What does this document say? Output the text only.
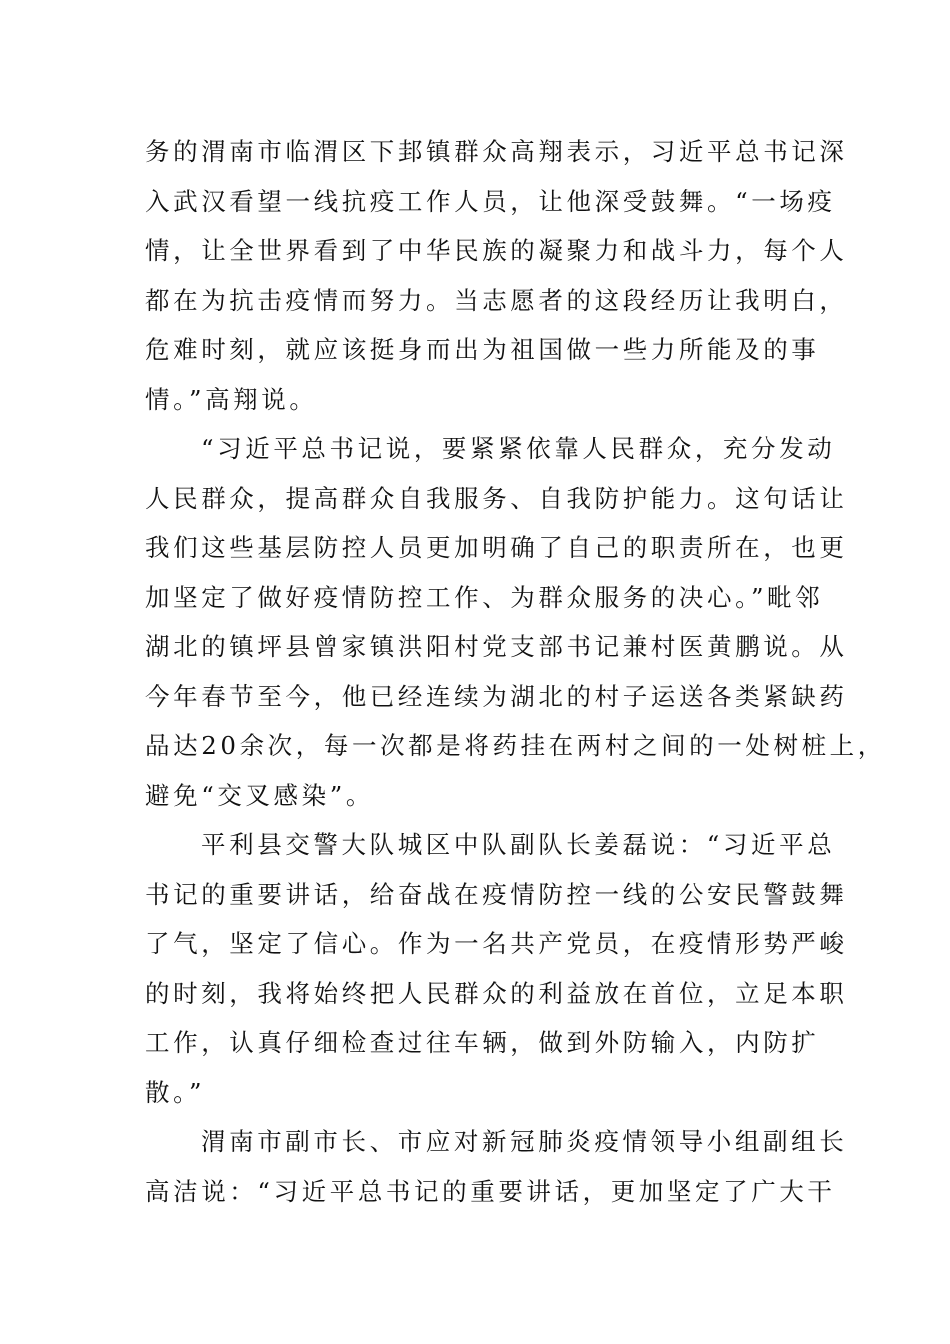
务的渭南市临渭区下邽镇群众高翔表示，习近平总书记深
入武汉看望一线抗疫工作人员，让他深受鼓舞。“一场疫
情，让全世界看到了中华民族的凝聚力和战斗力，每个人
都在为抗击疫情而努力。当志愿者的这段经历让我明白，
危难时刻，就应该挺身而出为祖国做一些力所能及的事
情。”高翔说。
“习近平总书记说，要紧紧依靠人民群众，充分发动
人民群众，提高群众自我服务、自我防护能力。这句话让
我们这些基层防控人员更加明确了自己的职责所在，也更
加坚定了做好疫情防控工作、为群众服务的决心。”毗邻
湖北的镇坪县曾家镇洪阳村党支部书记兼村医黄鹏说。从
今年春节至今，他已经连续为湖北的村子运送各类紧缺药
品达20余次，每一次都是将药挂在两村之间的一处树桩上，
避免“交叉感染”。
平利县交警大队城区中队副队长姜磊说：“习近平总
书记的重要讲话，给奋战在疫情防控一线的公安民警鼓舞
了气，坚定了信心。作为一名共产党员，在疫情形势严峻
的时刻，我将始终把人民群众的利益放在首位，立足本职
工作，认真仔细检查过往车辆，做到外防输入，内防扩
散。”
渭南市副市长、市应对新冠肺炎疫情领导小组副组长
高洁说：“习近平总书记的重要讲话，更加坚定了广大干
